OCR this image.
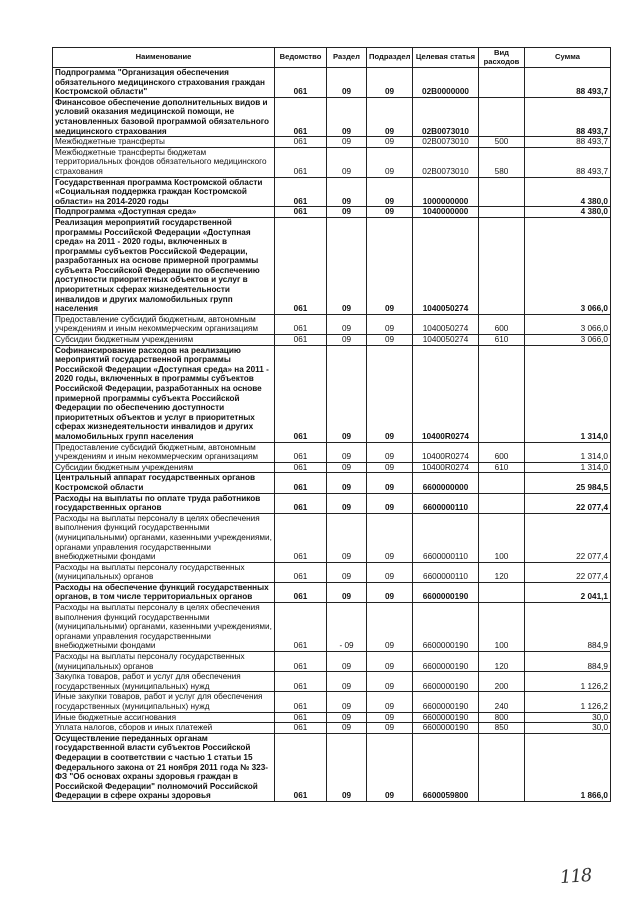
Наименование	Ведомство	Раздел	Подраздел	Целевая статья	Вид расходов	Сумма
Подпрограмма "Организация обеспечения обязательного медицинского страхования граждан Костромской области"	061	09	09	02B0000000		88 493,7
Финансовое обеспечение дополнительных видов и условий оказания медицинской помощи, не установленных базовой программой обязательного медицинского страхования	061	09	09	02B0073010		88 493,7
Межбюджетные трансферты	061	09	09	02B0073010	500	88 493,7
Межбюджетные трансферты бюджетам территориальных фондов обязательного медицинского страхования	061	09	09	02B0073010	580	88 493,7
Государственная программа Костромской области «Социальная поддержка граждан Костромской области» на 2014-2020 годы	061	09	09	1000000000		4 380,0
Подпрограмма «Доступная среда»	061	09	09	1040000000		4 380,0
Реализация мероприятий государственной программы Российской Федерации «Доступная среда» на 2011 - 2020 годы, включенных в программы субъектов Российской Федерации, разработанных на основе примерной программы субъекта Российской Федерации по обеспечению доступности приоритетных объектов и услуг в приоритетных сферах жизнедеятельности инвалидов и других маломобильных групп населения	061	09	09	1040050274		3 066,0
Предоставление субсидий бюджетным, автономным учреждениям и иным некоммерческим организациям	061	09	09	1040050274	600	3 066,0
Субсидии бюджетным учреждениям	061	09	09	1040050274	610	3 066,0
Софинансирование расходов на реализацию мероприятий государственной программы Российской Федерации «Доступная среда» на 2011 - 2020 годы, включенных в программы субъектов Российской Федерации, разработанных на основе примерной программы субъекта Российской Федерации по обеспечению доступности приоритетных объектов и услуг в приоритетных сферах жизнедеятельности инвалидов и других маломобильных групп населения	061	09	09	10400R0274		1 314,0
Предоставление субсидий бюджетным, автономным учреждениям и иным некоммерческим организациям	061	09	09	10400R0274	600	1 314,0
Субсидии бюджетным учреждениям	061	09	09	10400R0274	610	1 314,0
Центральный аппарат государственных органов Костромской области	061	09	09	6600000000		25 984,5
Расходы на выплаты по оплате труда работников государственных органов	061	09	09	6600000110		22 077,4
Расходы на выплаты персоналу в целях обеспечения выполнения функций государственными (муниципальными) органами, казенными учреждениями, органами управления государственными внебюджетными фондами	061	09	09	6600000110	100	22 077,4
Расходы на выплаты персоналу государственных (муниципальных) органов	061	09	09	6600000110	120	22 077,4
Расходы на обеспечение функций государственных органов, в том числе территориальных органов	061	09	09	6600000190		2 041,1
Расходы на выплаты персоналу в целях обеспечения выполнения функций государственными (муниципальными) органами, казенными учреждениями, органами управления государственными внебюджетными фондами	061	- 09	09	6600000190	100	884,9
Расходы на выплаты персоналу государственных (муниципальных) органов	061	09	09	6600000190	120	884,9
Закупка товаров, работ и услуг для обеспечения государственных (муниципальных) нужд	061	09	09	6600000190	200	1 126,2
Иные закупки товаров, работ и услуг для обеспечения государственных (муниципальных) нужд	061	09	09	6600000190	240	1 126,2
Иные бюджетные ассигнования	061	09	09	6600000190	800	30,0
Уплата налогов, сборов и иных платежей	061	09	09	6600000190	850	30,0
Осуществление переданных органам государственной власти субъектов Российской Федерации в соответствии с частью 1 статьи 15 Федерального закона от 21 ноября 2011 года № 323-ФЗ "Об основах охраны здоровья граждан в Российской Федерации" полномочий Российской Федерации в сфере охраны здоровья	061	09	09	6600059800		1 866,0
118
